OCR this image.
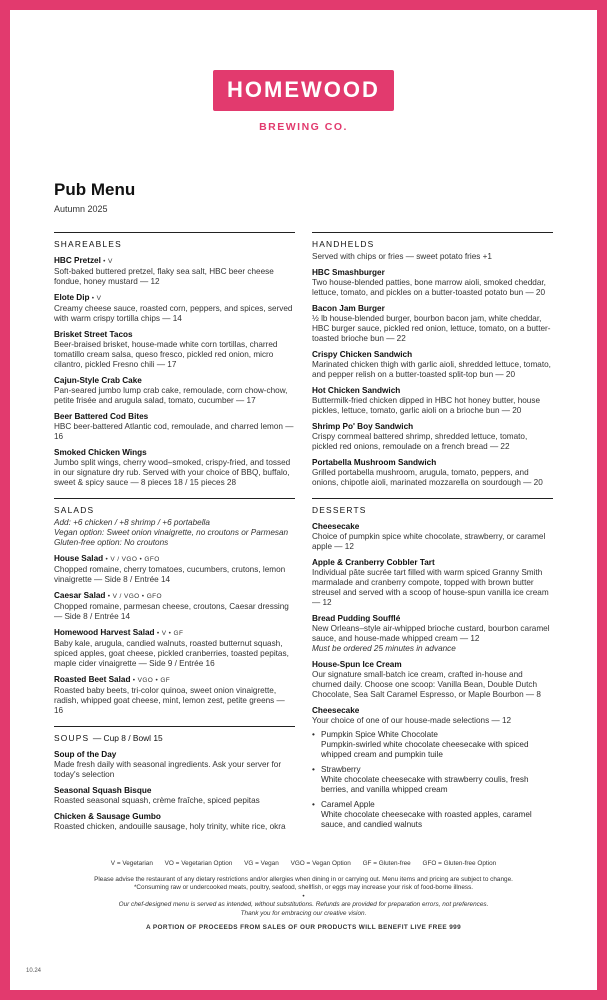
HOMEWOOD
BREWING CO.
Pub Menu
Autumn 2025
SHAREABLES
HBC Pretzel • V
Soft-baked buttered pretzel, flaky sea salt, HBC beer cheese fondue, honey mustard — 12
Elote Dip • V
Creamy cheese sauce, roasted corn, peppers, and spices, served with warm crispy tortilla chips — 14
Brisket Street Tacos
Beer-braised brisket, house-made white corn tortillas, charred tomatillo cream salsa, queso fresco, pickled red onion, micro cilantro, pickled Fresno chili — 17
Cajun-Style Crab Cake
Pan-seared jumbo lump crab cake, remoulade, corn chow-chow, petite frisée and arugula salad, tomato, cucumber — 17
Beer Battered Cod Bites
HBC beer-battered Atlantic cod, remoulade, and charred lemon — 16
Smoked Chicken Wings
Jumbo split wings, cherry wood–smoked, crispy-fried, and tossed in our signature dry rub. Served with your choice of BBQ, buffalo, sweet & spicy sauce — 8 pieces 18 / 15 pieces 28
SALADS
Add: +6 chicken / +8 shrimp / +6 portabella
Vegan option: Sweet onion vinaigrette, no croutons or Parmesan
Gluten-free option: No croutons
House Salad • V / VGO • GFO
Chopped romaine, cherry tomatoes, cucumbers, crutons, lemon vinaigrette — Side 8 / Entrée 14
Caesar Salad • V / VGO • GFO
Chopped romaine, parmesan cheese, croutons, Caesar dressing — Side 8 / Entrée 14
Homewood Harvest Salad • V • GF
Baby kale, arugula, candied walnuts, roasted butternut squash, spiced apples, goat cheese, pickled cranberries, toasted pepitas, maple cider vinaigrette — Side 9 / Entrée 16
Roasted Beet Salad • VGO • GF
Roasted baby beets, tri-color quinoa, sweet onion vinaigrette, radish, whipped goat cheese, mint, lemon zest, petite greens — 16
SOUPS — Cup 8 / Bowl 15
Soup of the Day
Made fresh daily with seasonal ingredients. Ask your server for today's selection
Seasonal Squash Bisque
Roasted seasonal squash, crème fraîche, spiced pepitas
Chicken & Sausage Gumbo
Roasted chicken, andouille sausage, holy trinity, white rice, okra
HANDHELDS
Served with chips or fries — sweet potato fries +1
HBC Smashburger
Two house-blended patties, bone marrow aioli, smoked cheddar, lettuce, tomato, and pickles on a butter-toasted potato bun — 20
Bacon Jam Burger
½ lb house-blended burger, bourbon bacon jam, white cheddar, HBC burger sauce, pickled red onion, lettuce, tomato, on a butter-toasted brioche bun — 22
Crispy Chicken Sandwich
Marinated chicken thigh with garlic aioli, shredded lettuce, tomato, and pepper relish on a butter-toasted split-top bun — 20
Hot Chicken Sandwich
Buttermilk-fried chicken dipped in HBC hot honey butter, house pickles, lettuce, tomato, garlic aioli on a brioche bun — 20
Shrimp Po' Boy Sandwich
Crispy cornmeal battered shrimp, shredded lettuce, tomato, pickled red onions, remoulade on a french bread — 22
Portabella Mushroom Sandwich
Grilled portabella mushroom, arugula, tomato, peppers, and onions, chipotle aioli, marinated mozzarella on sourdough — 20
DESSERTS
Cheesecake
Choice of pumpkin spice white chocolate, strawberry, or caramel apple — 12
Apple & Cranberry Cobbler Tart
Individual pâte sucrée tart filled with warm spiced Granny Smith marmalade and cranberry compote, topped with brown butter streusel and served with a scoop of house-spun vanilla ice cream — 12
Bread Pudding Soufflé
New Orleans–style air-whipped brioche custard, bourbon caramel sauce, and house-made whipped cream — 12
Must be ordered 25 minutes in advance
House-Spun Ice Cream
Our signature small-batch ice cream, crafted in-house and churned daily. Choose one scoop: Vanilla Bean, Double Dutch Chocolate, Sea Salt Caramel Espresso, or Maple Bourbon — 8
Cheesecake
Your choice of one of our house-made selections — 12
• Pumpkin Spice White Chocolate
Pumpkin-swirled white chocolate cheesecake with spiced whipped cream and pumpkin tuile
• Strawberry
White chocolate cheesecake with strawberry coulis, fresh berries, and vanilla whipped cream
• Caramel Apple
White chocolate cheesecake with roasted apples, caramel sauce, and candied walnuts
V = Vegetarian VO = Vegetarian Option VG = Vegan VGO = Vegan Option GF = Gluten-free GFO = Gluten-free Option
Please advise the restaurant of any dietary restrictions and/or allergies when dining in or carrying out. Menu items and pricing are subject to change.
*Consuming raw or undercooked meats, poultry, seafood, shellfish, or eggs may increase your risk of food-borne illness.
•
Our chef-designed menu is served as intended, without substitutions. Refunds are provided for preparation errors, not preferences.
Thank you for embracing our creative vision.
A PORTION OF PROCEEDS FROM SALES OF OUR PRODUCTS WILL BENEFIT LIVE FREE 999
10.24
